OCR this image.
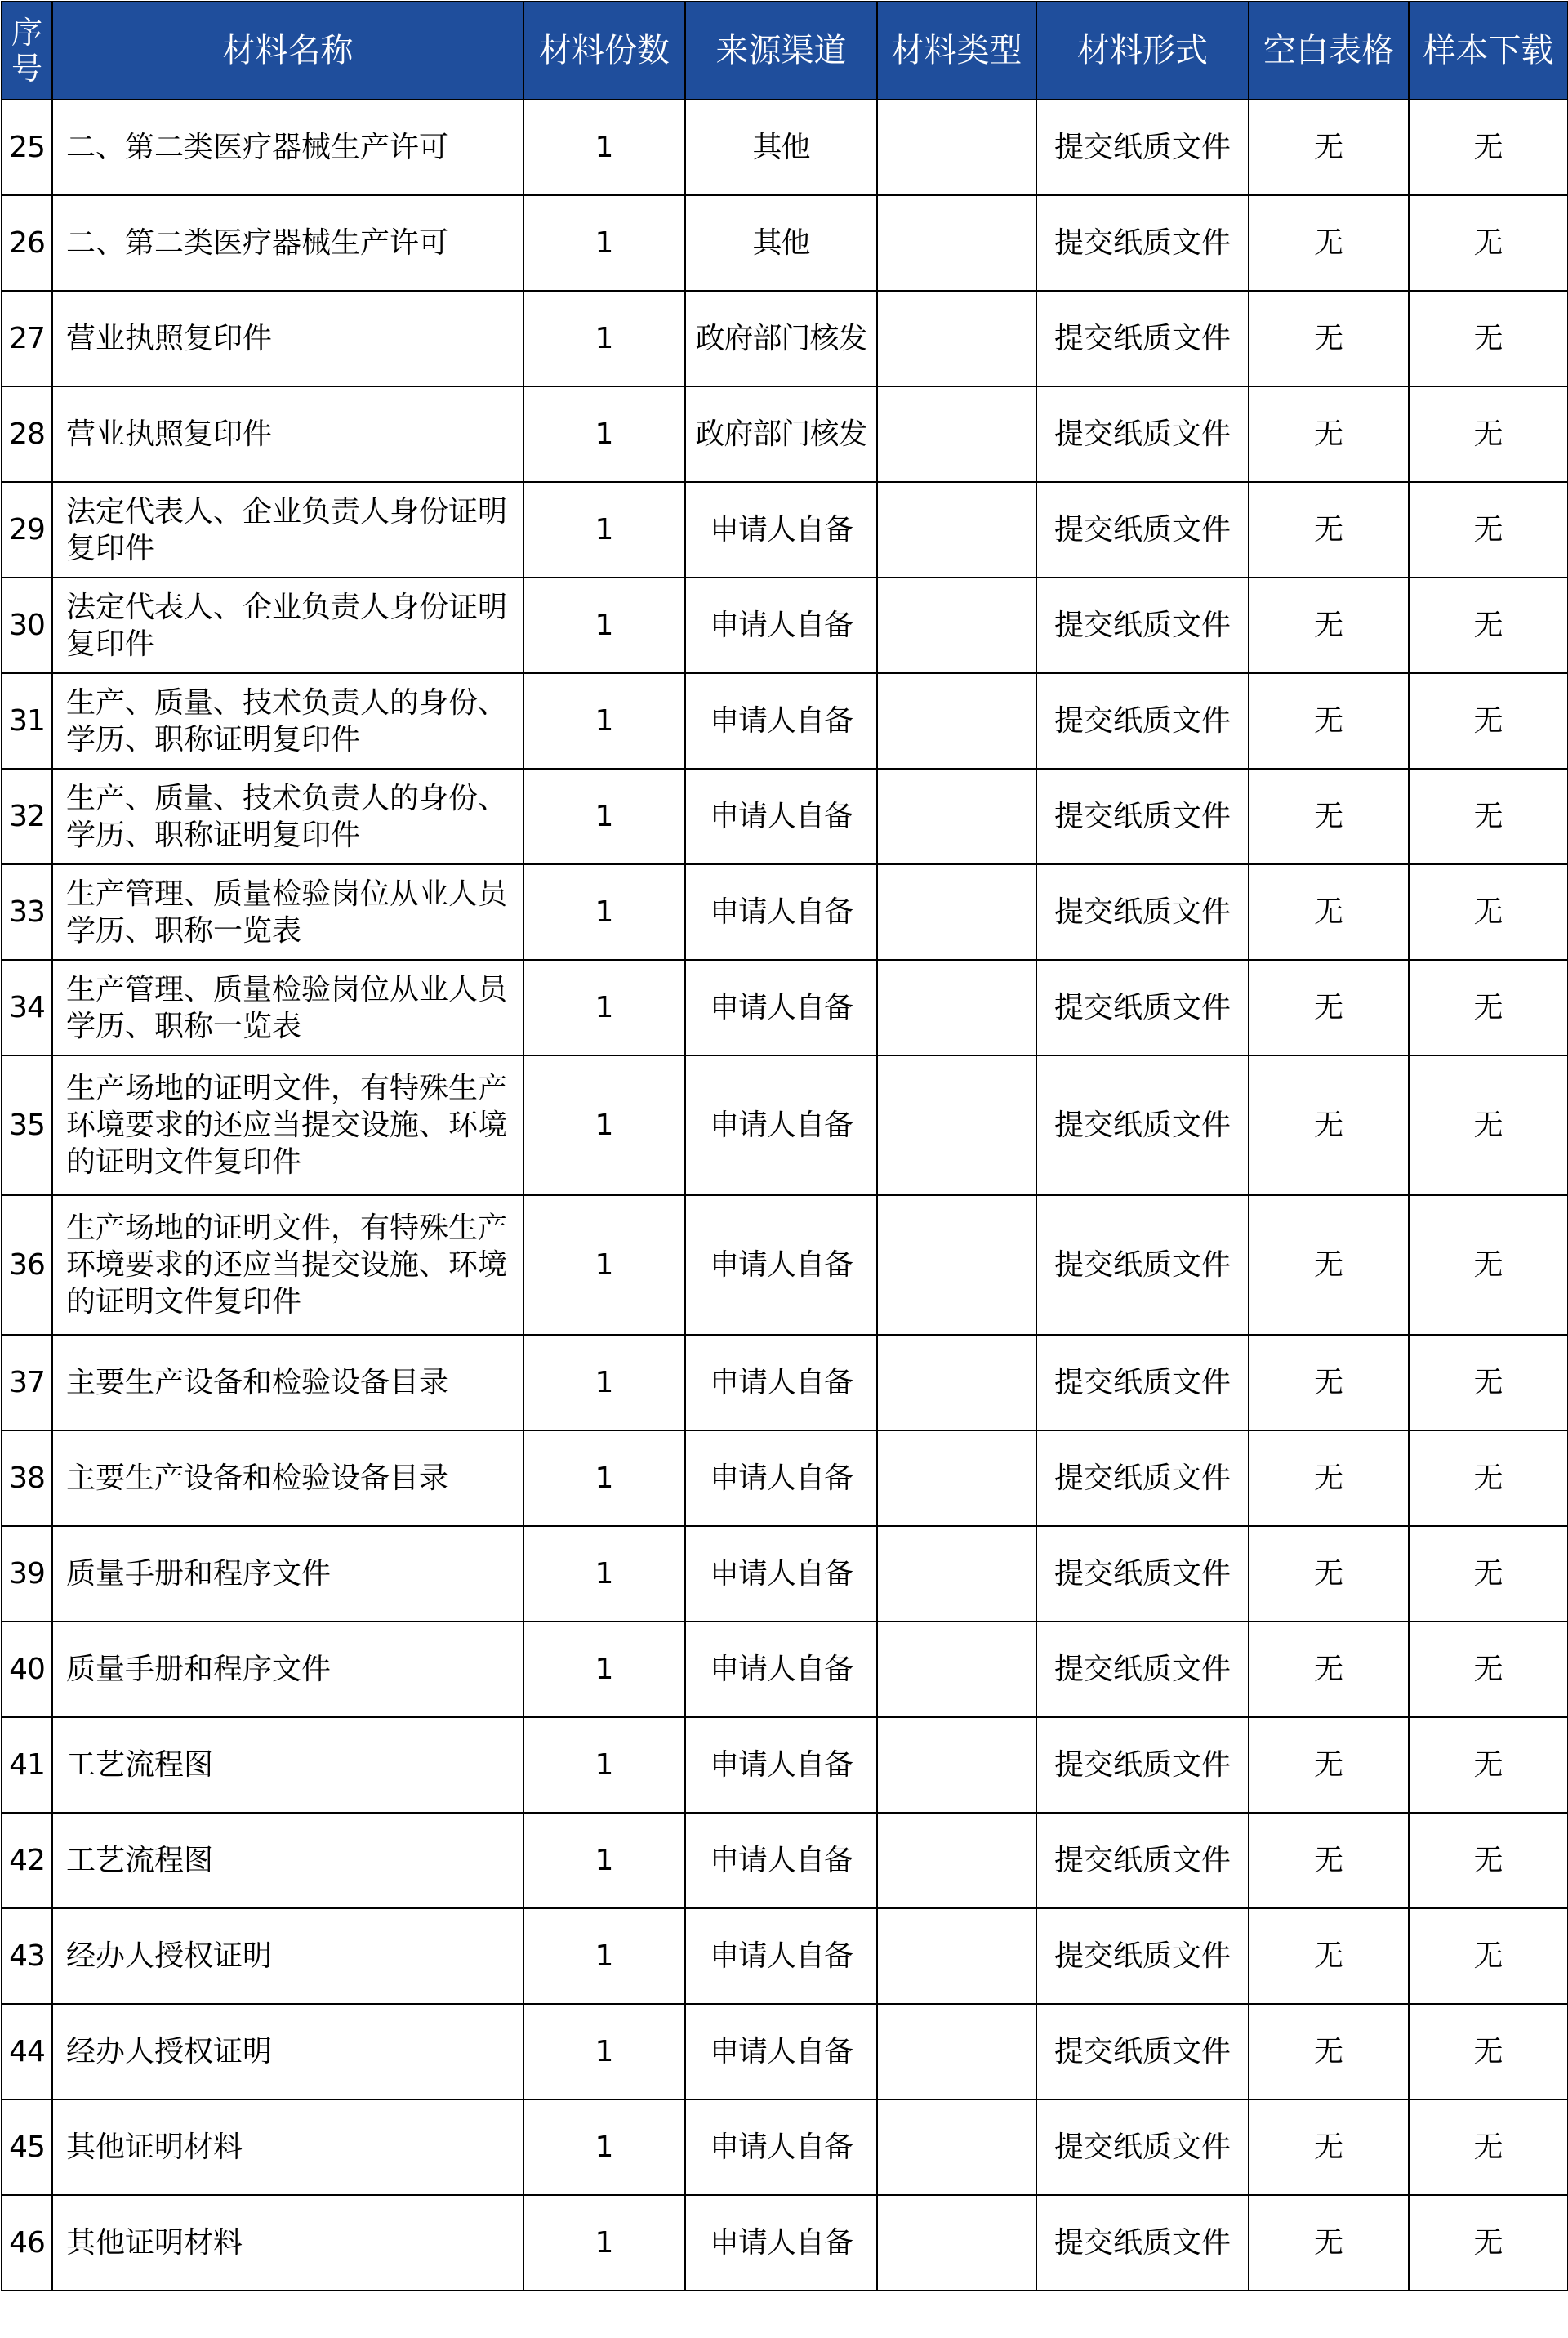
序号	材料名称	材料份数	来源渠道	材料类型	材料形式	空白表格	样本下载
25	二、第二类医疗器械生产许可	1	其他		提交纸质文件	无	无
26	二、第二类医疗器械生产许可	1	其他		提交纸质文件	无	无
27	营业执照复印件	1	政府部门核发		提交纸质文件	无	无
28	营业执照复印件	1	政府部门核发		提交纸质文件	无	无
29	法定代表人、企业负责人身份证明复印件	1	申请人自备		提交纸质文件	无	无
30	法定代表人、企业负责人身份证明复印件	1	申请人自备		提交纸质文件	无	无
31	生产、质量、技术负责人的身份、学历、职称证明复印件	1	申请人自备		提交纸质文件	无	无
32	生产、质量、技术负责人的身份、学历、职称证明复印件	1	申请人自备		提交纸质文件	无	无
33	生产管理、质量检验岗位从业人员学历、职称一览表	1	申请人自备		提交纸质文件	无	无
34	生产管理、质量检验岗位从业人员学历、职称一览表	1	申请人自备		提交纸质文件	无	无
35	生产场地的证明文件，有特殊生产环境要求的还应当提交设施、环境的证明文件复印件	1	申请人自备		提交纸质文件	无	无
36	生产场地的证明文件，有特殊生产环境要求的还应当提交设施、环境的证明文件复印件	1	申请人自备		提交纸质文件	无	无
37	主要生产设备和检验设备目录	1	申请人自备		提交纸质文件	无	无
38	主要生产设备和检验设备目录	1	申请人自备		提交纸质文件	无	无
39	质量手册和程序文件	1	申请人自备		提交纸质文件	无	无
40	质量手册和程序文件	1	申请人自备		提交纸质文件	无	无
41	工艺流程图	1	申请人自备		提交纸质文件	无	无
42	工艺流程图	1	申请人自备		提交纸质文件	无	无
43	经办人授权证明	1	申请人自备		提交纸质文件	无	无
44	经办人授权证明	1	申请人自备		提交纸质文件	无	无
45	其他证明材料	1	申请人自备		提交纸质文件	无	无
46	其他证明材料	1	申请人自备		提交纸质文件	无	无
